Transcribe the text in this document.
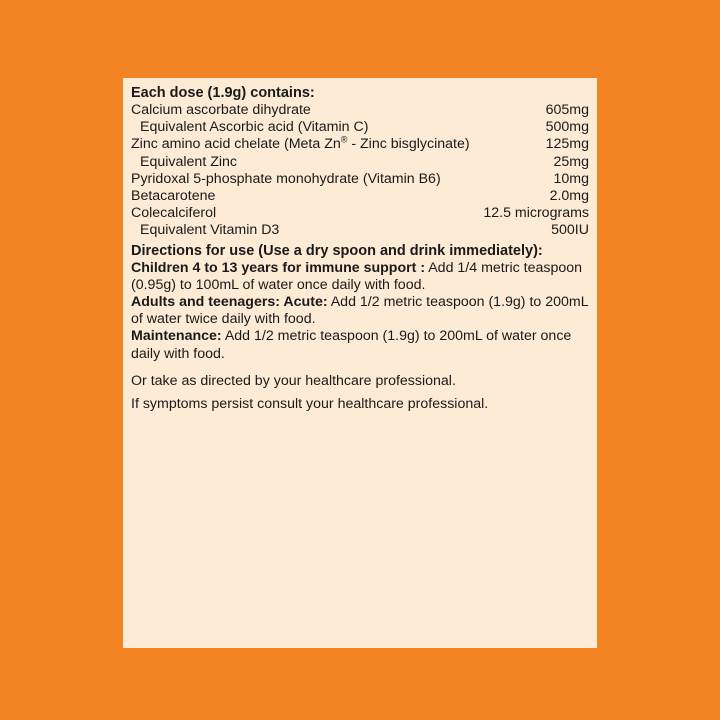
Each dose (1.9g) contains:
Calcium ascorbate dihydrate	605mg
Equivalent Ascorbic acid (Vitamin C)	500mg
Zinc amino acid chelate (Meta Zn® - Zinc bisglycinate)	125mg
Equivalent Zinc	25mg
Pyridoxal 5-phosphate monohydrate (Vitamin B6)	10mg
Betacarotene	2.0mg
Colecalciferol	12.5 micrograms
Equivalent Vitamin D3	500IU
Directions for use (Use a dry spoon and drink immediately):

Children 4 to 13 years for immune support : Add 1/4 metric teaspoon (0.95g) to 100mL of water once daily with food.

Adults and teenagers: Acute: Add 1/2 metric teaspoon (1.9g) to 200mL of water twice daily with food.

Maintenance: Add 1/2 metric teaspoon (1.9g) to 200mL of water once daily with food.

Or take as directed by your healthcare professional.

If symptoms persist consult your healthcare professional.
